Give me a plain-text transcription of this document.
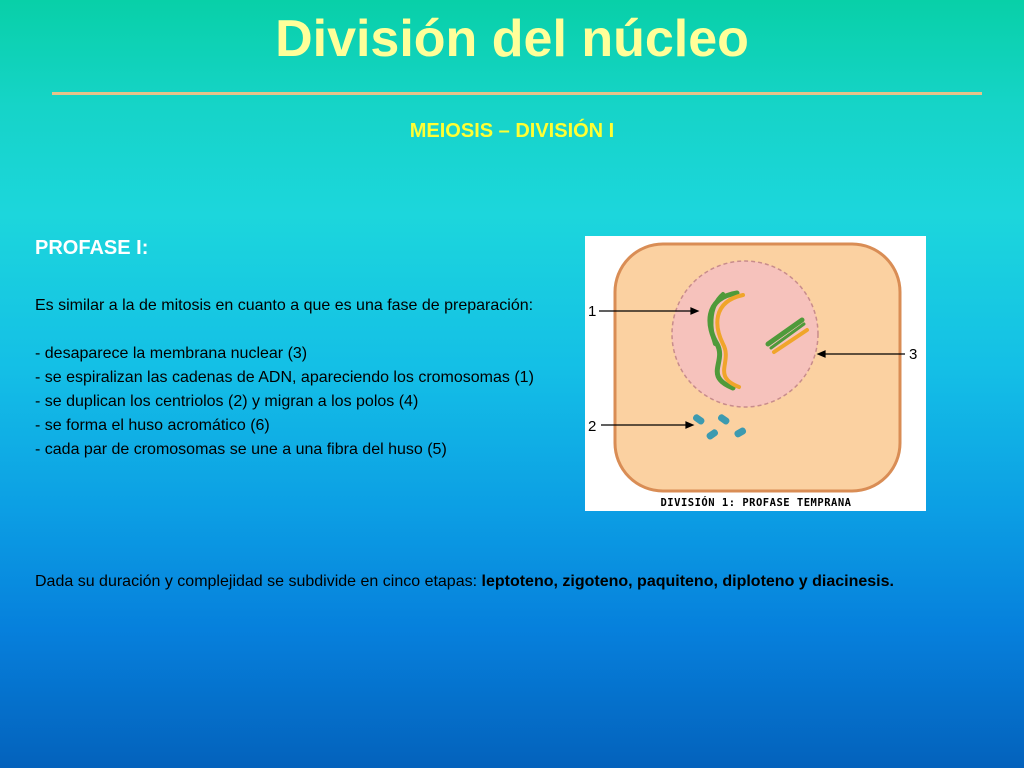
División del núcleo
MEIOSIS – DIVISIÓN I
PROFASE I:

Es similar a la de mitosis en cuanto a que es una fase de preparación:

- desaparece la membrana nuclear (3)

- se espiralizan las cadenas de ADN, apareciendo los cromosomas (1)

- se duplican los centriolos (2) y migran a los polos (4)

- se forma el huso acromático (6)

- cada par de cromosomas se une a una fibra del huso (5)

1
2
3
DIVISIÓN 1: PROFASE TEMPRANA

Dada su duración y complejidad se subdivide en cinco etapas: leptoteno, zigoteno, paquiteno, diploteno y diacinesis.
